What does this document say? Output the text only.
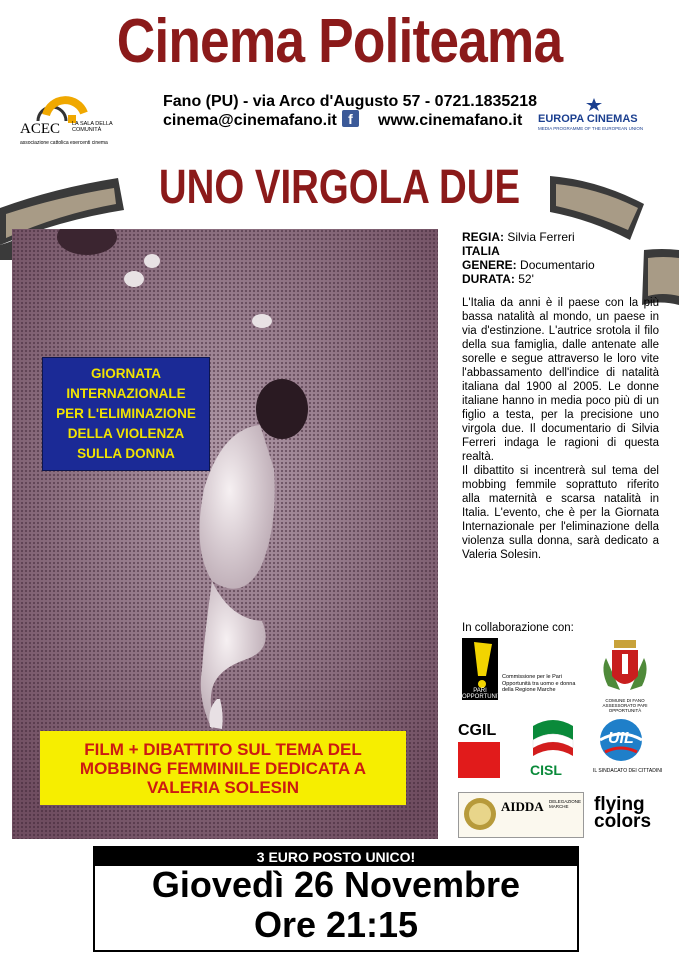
Cinema Politeama
ACEC LA SALA DELLA COMUNITÀ
associazione cattolica esercenti cinema
Fano (PU) - via Arco d'Augusto 57 - 0721.1835218
cinema@cinemafano.it f	www.cinemafano.it EUROPA CINEMAS
MEDIA PROGRAMME OF THE EUROPEAN UNION
UNO VIRGOLA DUE
GIORNATA
INTERNAZIONALE
PER L'ELIMINAZIONE
DELLA VIOLENZA
SULLA DONNA
FILM + DIBATTITO SUL TEMA DEL
MOBBING FEMMINILE DEDICATA A
VALERIA SOLESIN
REGIA: Silvia Ferreri
ITALIA
GENERE: Documentario
DURATA: 52'

L'Italia da anni è il paese con la più bassa natalità al mondo, un paese in via d'estinzione. L'autrice srotola il filo della sua famiglia, dalle antenate alle sorelle e segue attraverso le loro vite l'abbassamento dell'indice di natalità italiana dal 1900 al 2005. Le donne italiane hanno in media poco più di un figlio a testa, per la precisione uno virgola due. Il documentario di Silvia Ferreri indaga le ragioni di questa realtà.

Il dibattito si incentrerà sul tema del mobbing femmile soprattuto riferito alla maternità e scarsa natalità in Italia. L'evento, che è per la Giornata Internazionale per l'eliminazione della violenza sulla donna, sarà dedicato a Valeria Solesin.

In collaborazione con:
PARI OPPORTUNITÀ
Commissione per le Pari Opportunità tra uomo e donna della Regione Marche
COMUNE DI FANO ASSESSORATO PARI OPPORTUNITÀ
CGIL
CISL
UIL
IL SINDACATO DEI CITTADINI
AIDDA DELEGAZIONE MARCHE	flying
colors
3 EURO POSTO UNICO!
Giovedì 26 Novembre
Ore 21:15
